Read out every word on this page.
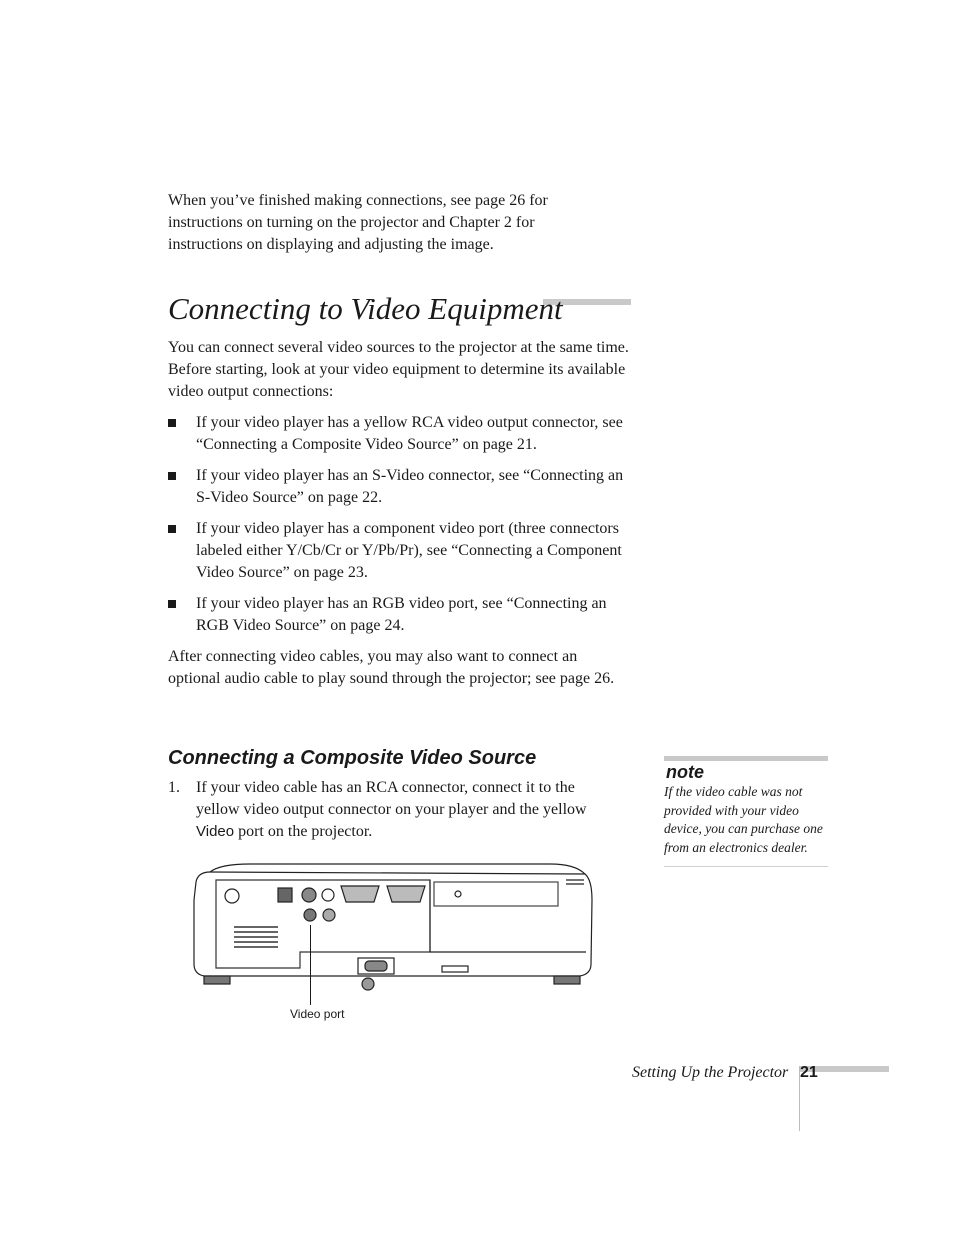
When you’ve finished making connections, see page 26 for instructions on turning on the projector and Chapter 2 for instructions on displaying and adjusting the image.
Connecting to Video Equipment
You can connect several video sources to the projector at the same time. Before starting, look at your video equipment to determine its available video output connections:
If your video player has a yellow RCA video output connector, see “Connecting a Composite Video Source” on page 21.
If your video player has an S-Video connector, see “Connecting an S-Video Source” on page 22.
If your video player has a component video port (three connectors labeled either Y/Cb/Cr or Y/Pb/Pr), see “Connecting a Component Video Source” on page 23.
If your video player has an RGB video port, see “Connecting an RGB Video Source” on page 24.
After connecting video cables, you may also want to connect an optional audio cable to play sound through the projector; see page 26.
Connecting a Composite Video Source
1. If your video cable has an RCA connector, connect it to the yellow video output connector on your player and the yellow Video port on the projector.
note
If the video cable was not provided with your video device, you can purchase one from an electronics dealer.
Video port
Setting Up the Projector 21
